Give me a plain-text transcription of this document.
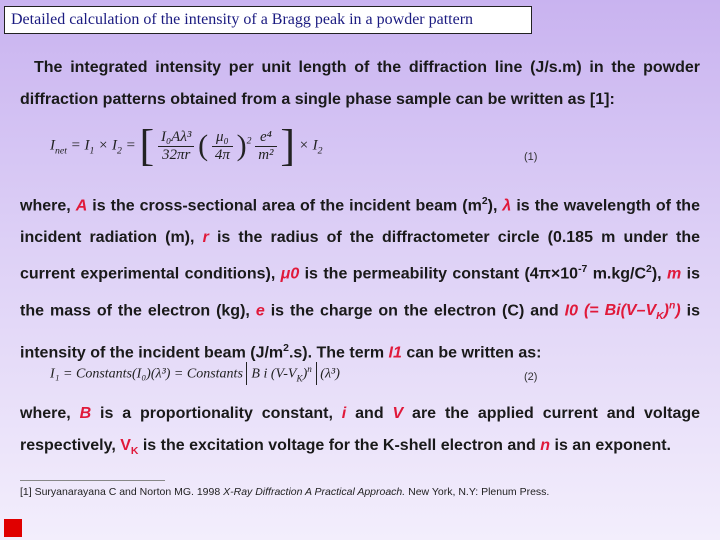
Detailed calculation of the intensity of a Bragg peak in a powder pattern
The integrated intensity per unit length of the diffraction line (J/s.m) in the powder diffraction patterns obtained from a single phase sample can be written as [1]:
$I_{net} = I_1 \times I_2$ = [ $\frac{\text{I₀Aλ³}}{32\pi r}$ ( $\frac{\text{μ₀}}{4\pi} )^2 \frac{\text{e⁴}}{\text{m²}}$ ] × $I_2$
(1)
where, A is the cross-sectional area of the incident beam $(m^2)$, λ is the wavelength of the incident radiation (m), r is the radius of the diffractometer circle (0.185 m under the current experimental conditions), μ0 is the permeability constant ($4\pi\times 10^{-7}$ $m.kg/C^2$), m is the mass of the electron (kg), e is the charge on the electron (C) and I0 (= $Bi(V-V_K)^n$) is intensity of the incident beam $(J/m^2.s)$. The term I1 can be written as:
I₁ = Constants(I₀)(λ³) = Constants B i $(V-V_K)^n$ (λ³)	(2)
where, B is a proportionality constant, i and V are the applied current and voltage respectively, $V_K$ is the excitation voltage for the K-shell electron and n is an exponent.
[1] Suryanarayana C and Norton MG. 1998 X-Ray Diffraction A Practical Approach. New York, N.Y: Plenum Press.
